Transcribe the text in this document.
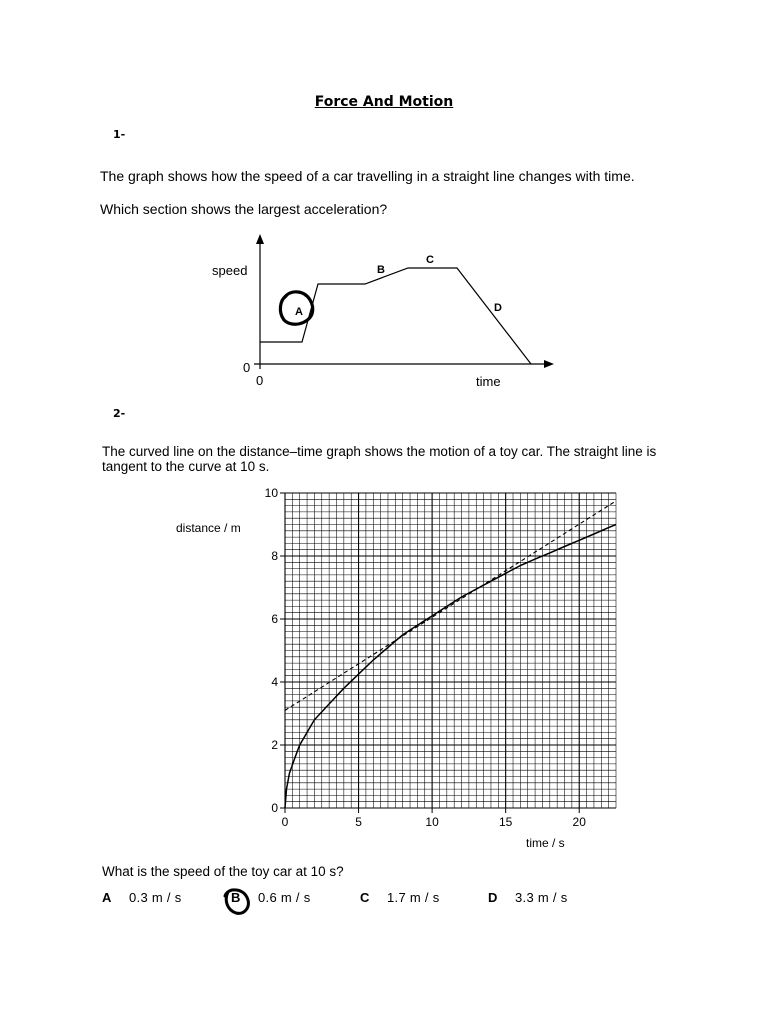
Force And Motion
1-
The graph shows how the speed of a car travelling in a straight line changes with time.
Which section shows the largest acceleration?
speed
time
0
0
A
B
C
D
2-
The curved line on the distance–time graph shows the motion of a toy car. The straight line is
tangent to the curve at 10 s.
0	5	10	15	20
0
2
4
6
8
10
distance / m
time / s
What is the speed of the toy car at 10 s?
A 0.3 m / s	B 0.6 m / s	C 1.7 m / s	D 3.3 m / s
